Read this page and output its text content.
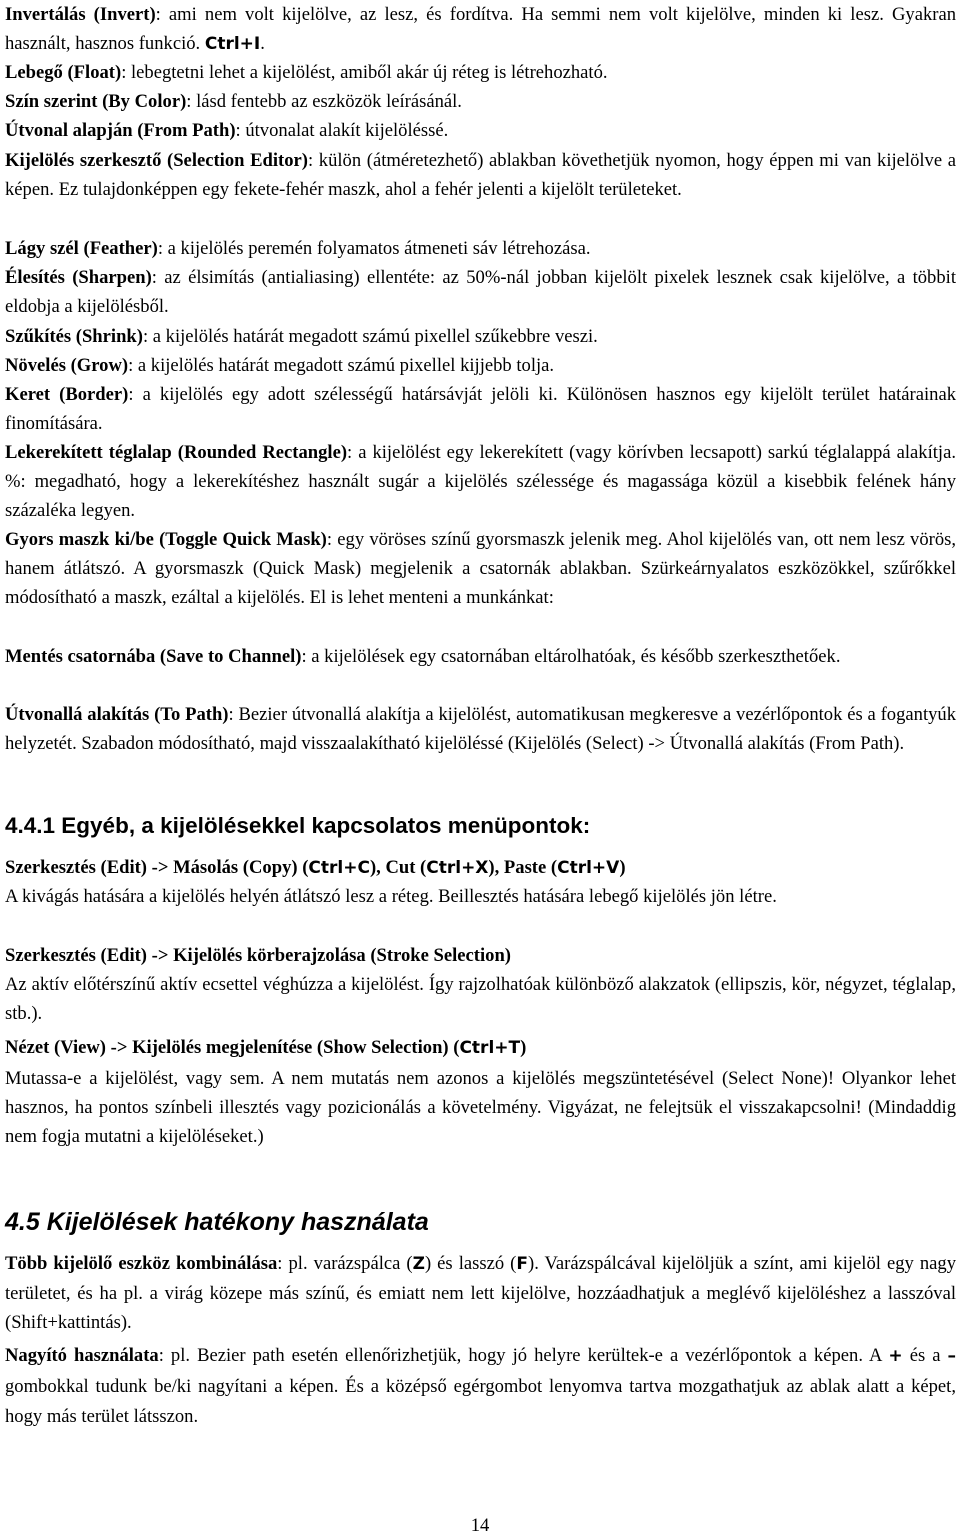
Invertálás (Invert): ami nem volt kijelölve, az lesz, és fordítva. Ha semmi nem volt kijelölve, minden ki lesz. Gyakran használt, hasznos funkció. Ctrl+I.

Lebegő (Float): lebegtetni lehet a kijelölést, amiből akár új réteg is létrehozható.

Szín szerint (By Color): lásd fentebb az eszközök leírásánál.

Útvonal alapján (From Path): útvonalat alakít kijelöléssé.

Kijelölés szerkesztő (Selection Editor): külön (átméretezhető) ablakban követhetjük nyomon, hogy éppen mi van kijelölve a képen. Ez tulajdonképpen egy fekete-fehér maszk, ahol a fehér jelenti a kijelölt területeket.

Lágy szél (Feather): a kijelölés peremén folyamatos átmeneti sáv létrehozása.

Élesítés (Sharpen): az élsimítás (antialiasing) ellentéte: az 50%-nál jobban kijelölt pixelek lesznek csak kijelölve, a többit eldobja a kijelölésből.

Szűkítés (Shrink): a kijelölés határát megadott számú pixellel szűkebbre veszi.

Növelés (Grow): a kijelölés határát megadott számú pixellel kijjebb tolja.

Keret (Border): a kijelölés egy adott szélességű határsávját jelöli ki. Különösen hasznos egy kijelölt terület határainak finomítására.

Lekerekített téglalap (Rounded Rectangle): a kijelölést egy lekerekített (vagy körívben lecsapott) sarkú téglalappá alakítja. %: megadható, hogy a lekerekítéshez használt sugár a kijelölés szélessége és magassága közül a kisebbik felének hány százaléka legyen.

Gyors maszk ki/be (Toggle Quick Mask): egy vöröses színű gyorsmaszk jelenik meg. Ahol kijelölés van, ott nem lesz vörös, hanem átlátszó. A gyorsmaszk (Quick Mask) megjelenik a csatornák ablakban. Szürkeárnyalatos eszközökkel, szűrőkkel módosítható a maszk, ezáltal a kijelölés. El is lehet menteni a munkánkat:

Mentés csatornába (Save to Channel): a kijelölések egy csatornában eltárolhatóak, és később szerkeszthetőek.

Útvonallá alakítás (To Path): Bezier útvonallá alakítja a kijelölést, automatikusan megkeresve a vezérlőpontok és a fogantyúk helyzetét. Szabadon módosítható, majd visszaalakítható kijelöléssé (Kijelölés (Select) -> Útvonallá alakítás (From Path).

4.4.1 Egyéb, a kijelölésekkel kapcsolatos menüpontok:

Szerkesztés (Edit) -> Másolás (Copy) (Ctrl+C), Cut (Ctrl+X), Paste (Ctrl+V)

A kivágás hatására a kijelölés helyén átlátszó lesz a réteg. Beillesztés hatására lebegő kijelölés jön létre.

Szerkesztés (Edit) -> Kijelölés körberajzolása (Stroke Selection)

Az aktív előtérszínű aktív ecsettel véghúzza a kijelölést. Így rajzolhatóak különböző alakzatok (ellipszis, kör, négyzet, téglalap, stb.).

Nézet (View) -> Kijelölés megjelenítése (Show Selection) (Ctrl+T)

Mutassa-e a kijelölést, vagy sem. A nem mutatás nem azonos a kijelölés megszüntetésével (Select None)! Olyankor lehet hasznos, ha pontos színbeli illesztés vagy pozicionálás a követelmény. Vigyázat, ne felejtsük el visszakapcsolni! (Mindaddig nem fogja mutatni a kijelöléseket.)

4.5 Kijelölések hatékony használata

Több kijelölő eszköz kombinálása: pl. varázspálca (Z) és lasszó (F). Varázspálcával kijelöljük a színt, ami kijelöl egy nagy területet, és ha pl. a virág közepe más színű, és emiatt nem lett kijelölve, hozzáadhatjuk a meglévő kijelöléshez a lasszóval (Shift+kattintás).

Nagyító használata: pl. Bezier path esetén ellenőrizhetjük, hogy jó helyre kerültek-e a vezérlőpontok a képen. A + és a – gombokkal tudunk be/ki nagyítani a képen. És a középső egérgombot lenyomva tartva mozgathatjuk az ablak alatt a képet, hogy más terület látsszon.

14
